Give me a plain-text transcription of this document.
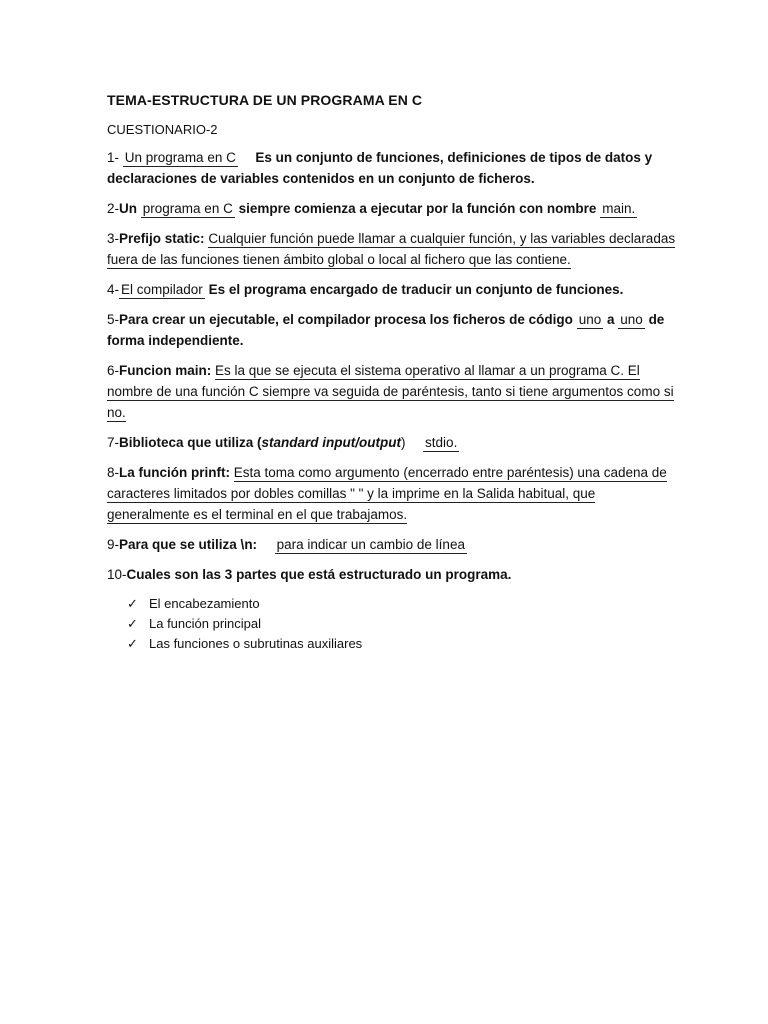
TEMA-ESTRUCTURA DE UN PROGRAMA EN C
CUESTIONARIO-2
1- Un programa en C Es un conjunto de funciones, definiciones de tipos de datos y declaraciones de variables contenidos en un conjunto de ficheros.
2-Un programa en C siempre comienza a ejecutar por la función con nombre main.
3-Prefijo static: Cualquier función puede llamar a cualquier función, y las variables declaradas fuera de las funciones tienen ámbito global o local al fichero que las contiene.
4- El compilador Es el programa encargado de traducir un conjunto de funciones.
5-Para crear un ejecutable, el compilador procesa los ficheros de código uno a uno de forma independiente.
6-Funcion main: Es la que se ejecuta el sistema operativo al llamar a un programa C. El nombre de una función C siempre va seguida de paréntesis, tanto si tiene argumentos como si no.
7-Biblioteca que utiliza (standard input/output) stdio.
8-La función prinft: Esta toma como argumento (encerrado entre paréntesis) una cadena de caracteres limitados por dobles comillas " " y la imprime en la Salida habitual, que generalmente es el terminal en el que trabajamos.
9-Para que se utiliza \n: para indicar un cambio de línea
10-Cuales son las 3 partes que está estructurado un programa.
✓ El encabezamiento
✓ La función principal
✓ Las funciones o subrutinas auxiliares
